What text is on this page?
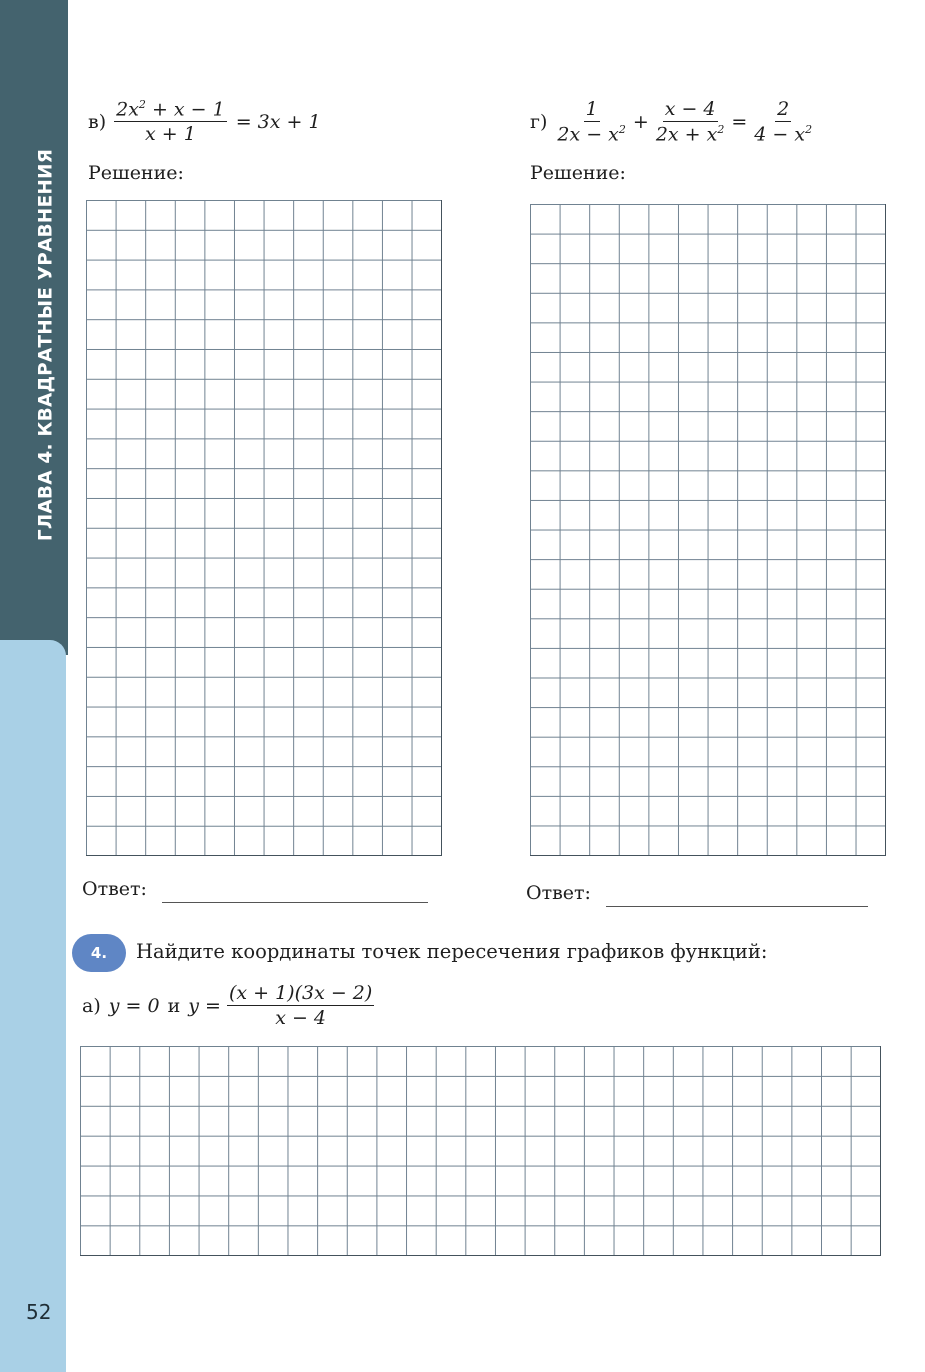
ГЛАВА 4. КВАДРАТНЫЕ УРАВНЕНИЯ
52
$в) \frac{2x^2 + x - 1}{x + 1} = 3x + 1$	$г) \frac{1}{2x - x^2} + \frac{x - 4}{2x + x^2} = \frac{2}{4 - x^2}$
Решение:	Решение:
Ответ:	Ответ:
4.	Найдите координаты точек пересечения графиков функций:
а) y = 0 и $y = \frac{(x + 1)(3x - 2)}{x - 4}$
